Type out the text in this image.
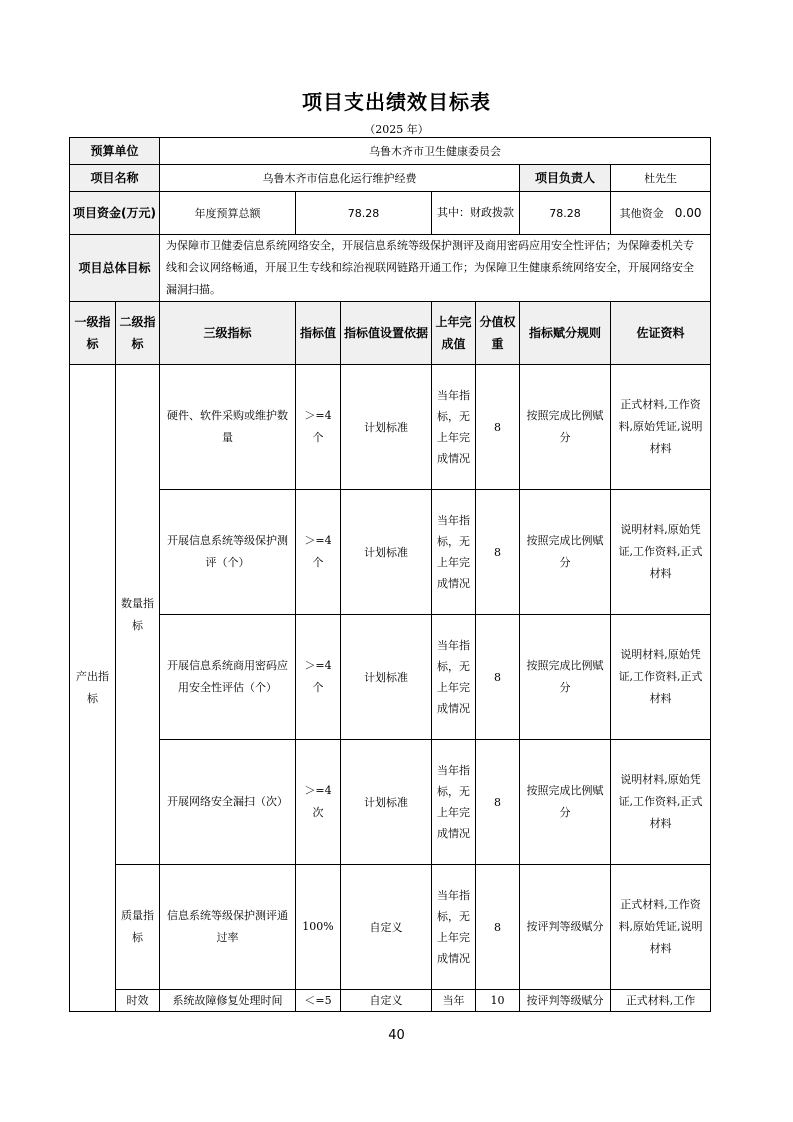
项目支出绩效目标表
（2025 年）
预算单位		乌鲁木齐市卫生健康委员会						
项目名称		乌鲁木齐市信息化运行维护经费					项目负责人	杜先生
项目资金(万元)		年度预算总额	78.28		其中：财政拨款		78.28	其他资金 0.00

项目总体目标		为保障市卫健委信息系统网络安全，开展信息系统等级保护测评及商用密码应用安全性评估；为保障委机关专线和会议网络畅通，开展卫生专线和综治视联网链路开通工作；为保障卫生健康系统网络安全，开展网络安全漏洞扫描。						
一级指标	二级指标	三级指标	指标值	指标值设置依据	上年完成值	分值权重	指标赋分规则	佐证资料
产出指标	数量指标	硬件、软件采购或维护数量	＞=4个	计划标准	当年指标，无上年完成情况	8	按照完成比例赋分	正式材料,工作资料,原始凭证,说明材料
		开展信息系统等级保护测评（个）	＞=4个	计划标准	当年指标，无上年完成情况	8	按照完成比例赋分	说明材料,原始凭证,工作资料,正式材料
		开展信息系统商用密码应用安全性评估（个）	＞=4个	计划标准	当年指标，无上年完成情况	8	按照完成比例赋分	说明材料,原始凭证,工作资料,正式材料
		开展网络安全漏扫（次）	＞=4次	计划标准	当年指标，无上年完成情况	8	按照完成比例赋分	说明材料,原始凭证,工作资料,正式材料
	质量指标	信息系统等级保护测评通过率	100%	自定义	当年指标，无上年完成情况	8	按评判等级赋分	正式材料,工作资料,原始凭证,说明材料
	时效	系统故障修复处理时间	＜=5	自定义	当年	10	按评判等级赋分	正式材料,工作
40
